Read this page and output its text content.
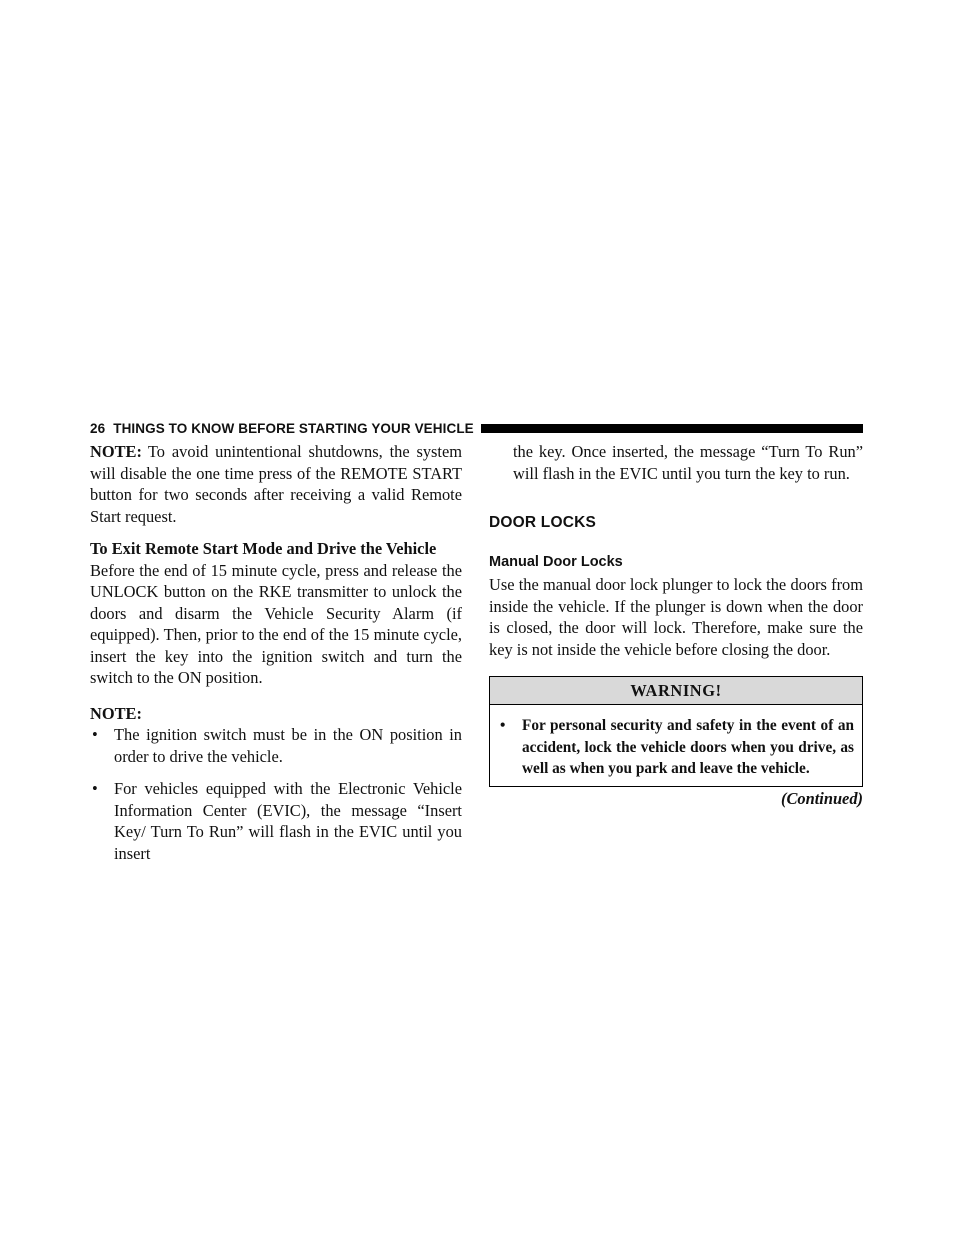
26 THINGS TO KNOW BEFORE STARTING YOUR VEHICLE

NOTE: To avoid unintentional shutdowns, the system will disable the one time press of the REMOTE START button for two seconds after receiving a valid Remote Start request.

To Exit Remote Start Mode and Drive the Vehicle

Before the end of 15 minute cycle, press and release the UNLOCK button on the RKE transmitter to unlock the doors and disarm the Vehicle Security Alarm (if equipped). Then, prior to the end of the 15 minute cycle, insert the key into the ignition switch and turn the switch to the ON position.

NOTE:

• The ignition switch must be in the ON position in order to drive the vehicle.
• For vehicles equipped with the Electronic Vehicle Information Center (EVIC), the message “Insert Key/ Turn To Run” will flash in the EVIC until you insert

the key. Once inserted, the message “Turn To Run” will flash in the EVIC until you turn the key to run.

DOOR LOCKS
Manual Door Locks

Use the manual door lock plunger to lock the doors from inside the vehicle. If the plunger is down when the door is closed, the door will lock. Therefore, make sure the key is not inside the vehicle before closing the door.

WARNING!
• For personal security and safety in the event of an accident, lock the vehicle doors when you drive, as well as when you park and leave the vehicle.
(Continued)
